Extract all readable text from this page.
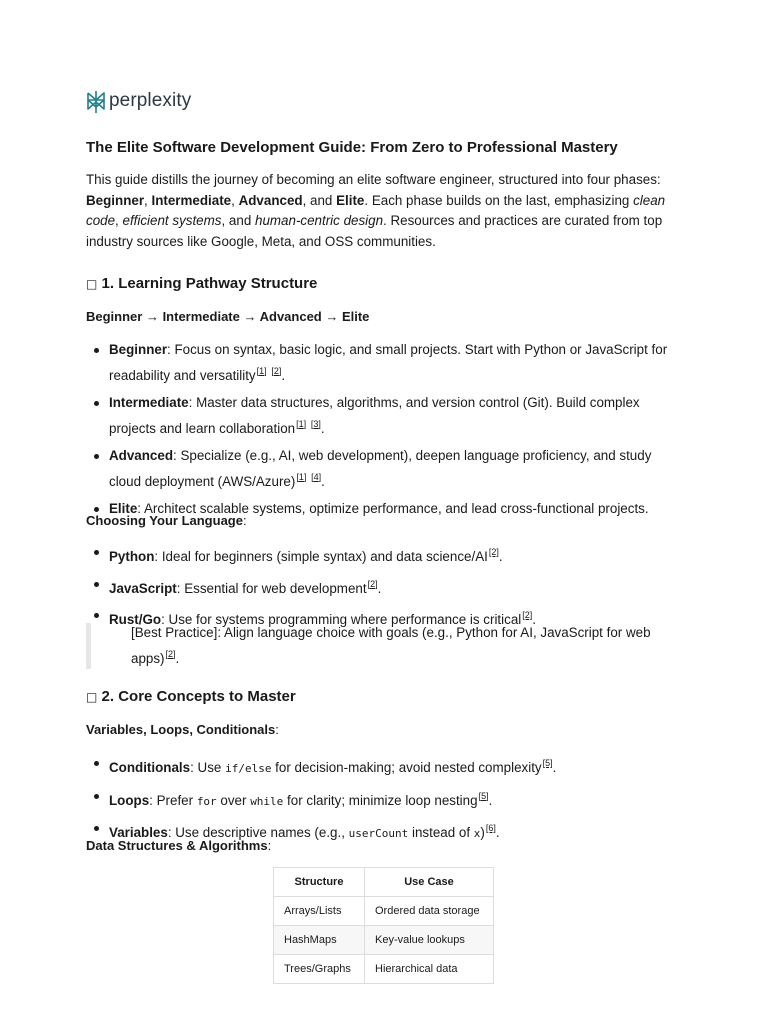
perplexity
The Elite Software Development Guide: From Zero to Professional Mastery

This guide distills the journey of becoming an elite software engineer, structured into four phases: Beginner, Intermediate, Advanced, and Elite. Each phase builds on the last, emphasizing clean code, efficient systems, and human-centric design. Resources and practices are curated from top industry sources like Google, Meta, and OSS communities.

□ 1. Learning Pathway Structure

Beginner → Intermediate → Advanced → Elite

Beginner: Focus on syntax, basic logic, and small projects. Start with Python or JavaScript for readability and versatility[1] [2].
Intermediate: Master data structures, algorithms, and version control (Git). Build complex projects and learn collaboration[1] [3].
Advanced: Specialize (e.g., AI, web development), deepen language proficiency, and study cloud deployment (AWS/Azure)[1] [4].
Elite: Architect scalable systems, optimize performance, and lead cross-functional projects.

Choosing Your Language:

Python: Ideal for beginners (simple syntax) and data science/AI[2].
JavaScript: Essential for web development[2].
Rust/Go: Use for systems programming where performance is critical[2].
[Best Practice]: Align language choice with goals (e.g., Python for AI, JavaScript for web apps)[2].
□ 2. Core Concepts to Master

Variables, Loops, Conditionals:

Conditionals: Use if/else for decision-making; avoid nested complexity[5].
Loops: Prefer for over while for clarity; minimize loop nesting[5].
Variables: Use descriptive names (e.g., userCount instead of x)[6].

Data Structures & Algorithms:

Structure	Use Case
Arrays/Lists	Ordered data storage
HashMaps	Key-value lookups
Trees/Graphs	Hierarchical data
